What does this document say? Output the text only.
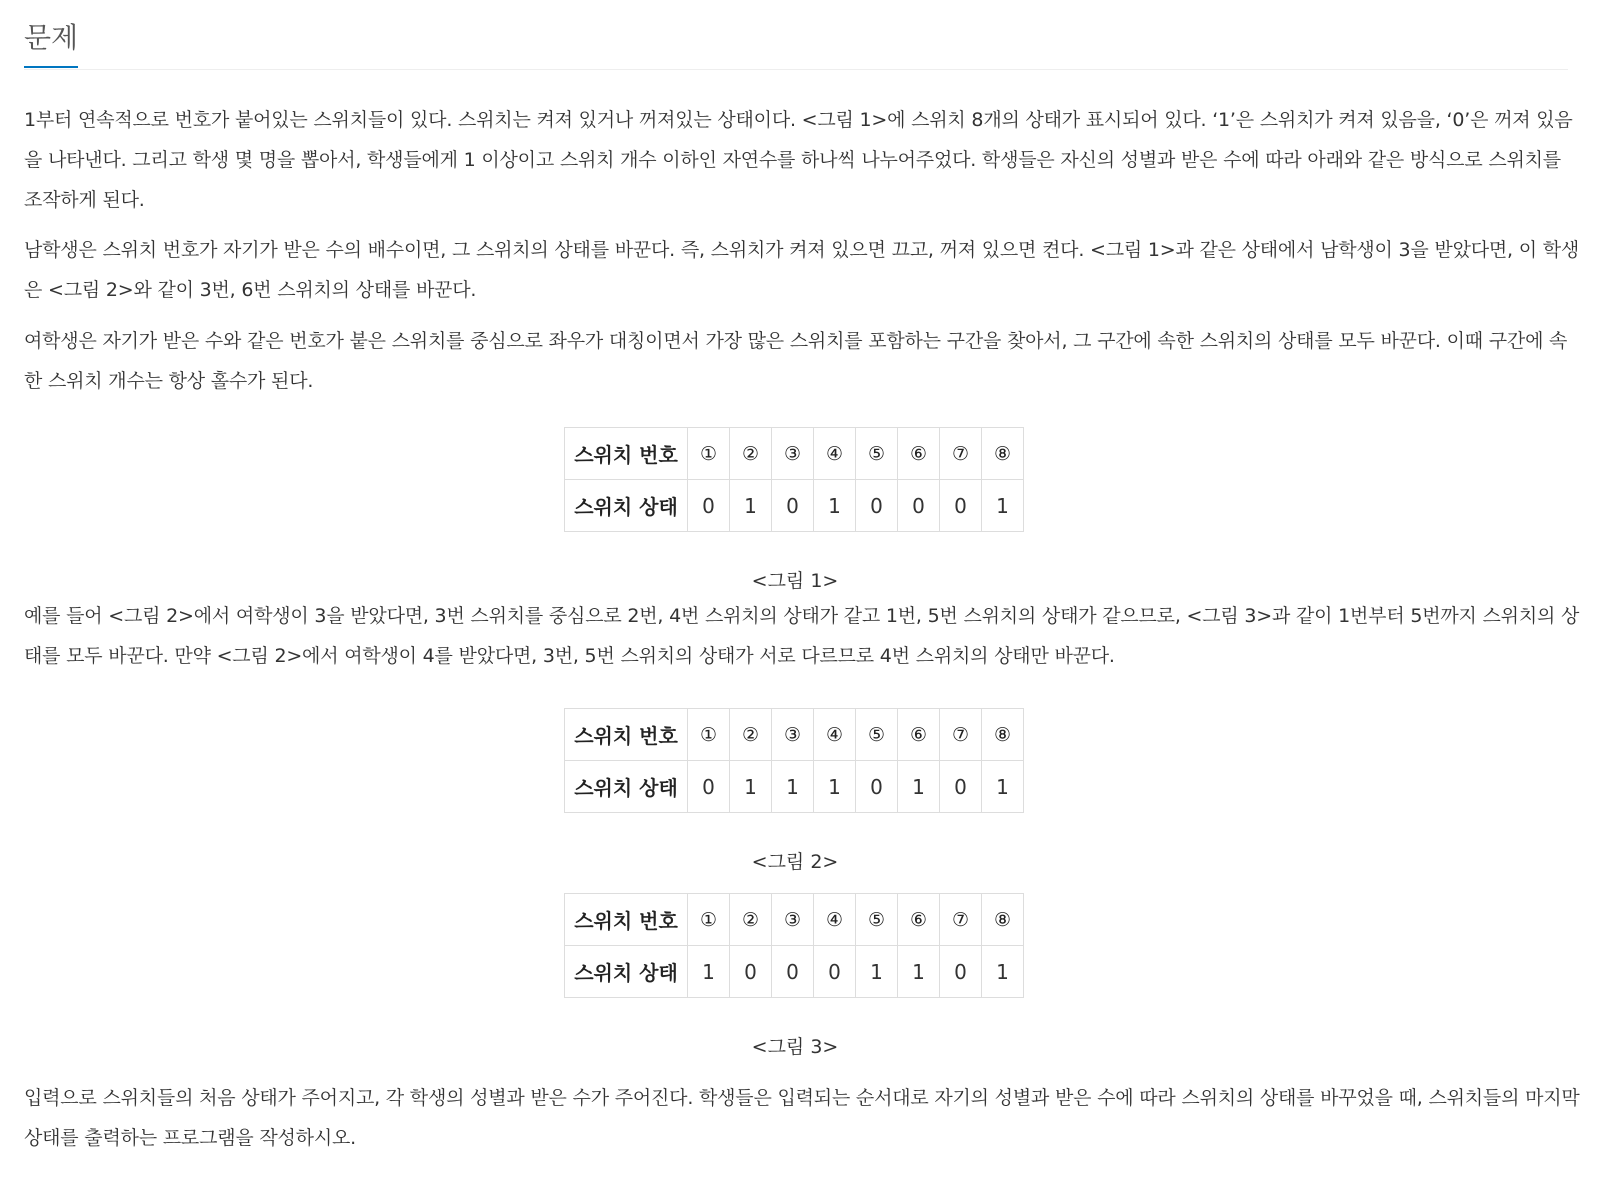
문제

1부터 연속적으로 번호가 붙어있는 스위치들이 있다. 스위치는 켜져 있거나 꺼져있는 상태이다. <그림 1>에 스위치 8개의 상태가 표시되어 있다. ‘1’은 스위치가 켜져 있음을, ‘0’은 꺼져 있음을 나타낸다. 그리고 학생 몇 명을 뽑아서, 학생들에게 1 이상이고 스위치 개수 이하인 자연수를 하나씩 나누어주었다. 학생들은 자신의 성별과 받은 수에 따라 아래와 같은 방식으로 스위치를 조작하게 된다.

남학생은 스위치 번호가 자기가 받은 수의 배수이면, 그 스위치의 상태를 바꾼다. 즉, 스위치가 켜져 있으면 끄고, 꺼져 있으면 켠다. <그림 1>과 같은 상태에서 남학생이 3을 받았다면, 이 학생은 <그림 2>와 같이 3번, 6번 스위치의 상태를 바꾼다.

여학생은 자기가 받은 수와 같은 번호가 붙은 스위치를 중심으로 좌우가 대칭이면서 가장 많은 스위치를 포함하는 구간을 찾아서, 그 구간에 속한 스위치의 상태를 모두 바꾼다. 이때 구간에 속한 스위치 개수는 항상 홀수가 된다.

스위치 번호	①	②	③	④	⑤	⑥	⑦	⑧
스위치 상태	0	1	0	1	0	0	0	1
<그림 1>

예를 들어 <그림 2>에서 여학생이 3을 받았다면, 3번 스위치를 중심으로 2번, 4번 스위치의 상태가 같고 1번, 5번 스위치의 상태가 같으므로, <그림 3>과 같이 1번부터 5번까지 스위치의 상태를 모두 바꾼다. 만약 <그림 2>에서 여학생이 4를 받았다면, 3번, 5번 스위치의 상태가 서로 다르므로 4번 스위치의 상태만 바꾼다.

스위치 번호	①	②	③	④	⑤	⑥	⑦	⑧
스위치 상태	0	1	1	1	0	1	0	1
<그림 2>
스위치 번호	①	②	③	④	⑤	⑥	⑦	⑧
스위치 상태	1	0	0	0	1	1	0	1
<그림 3>

입력으로 스위치들의 처음 상태가 주어지고, 각 학생의 성별과 받은 수가 주어진다. 학생들은 입력되는 순서대로 자기의 성별과 받은 수에 따라 스위치의 상태를 바꾸었을 때, 스위치들의 마지막 상태를 출력하는 프로그램을 작성하시오.
